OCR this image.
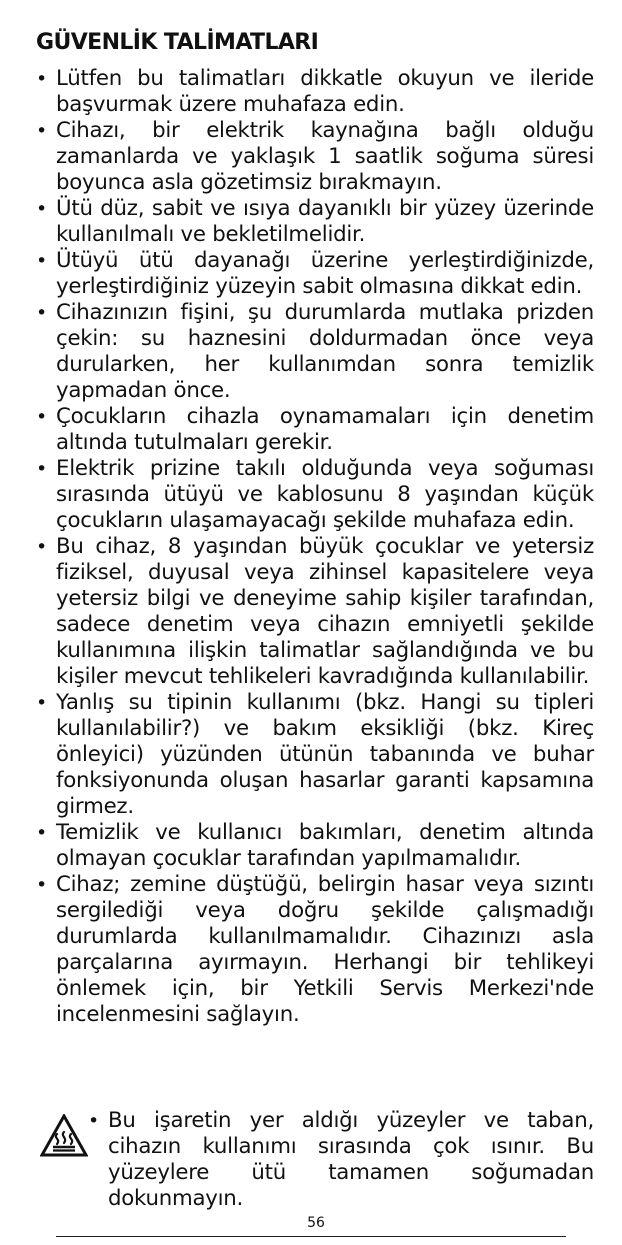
GÜVENLİK TALİMATLARI
• Lütfen bu talimatları dikkatle okuyun ve ileride başvurmak üzere muhafaza edin.
• Cihazı, bir elektrik kaynağına bağlı olduğu zamanlarda ve yaklaşık 1 saatlik soğuma süresi boyunca asla gözetimsiz bırakmayın.
• Ütü düz, sabit ve ısıya dayanıklı bir yüzey üzerinde kullanılmalı ve bekletilmelidir.
• Ütüyü ütü dayanağı üzerine yerleştirdiğinizde, yerleştirdiğiniz yüzeyin sabit olmasına dikkat edin.
• Cihazınızın fişini, şu durumlarda mutlaka prizden çekin: su haznesini doldurmadan önce veya durularken, her kullanımdan sonra temizlik yapmadan önce.
• Çocukların cihazla oynamamaları için denetim altında tutulmaları gerekir.
• Elektrik prizine takılı olduğunda veya soğuması sırasında ütüyü ve kablosunu 8 yaşından küçük çocukların ulaşamayacağı şekilde muhafaza edin.
• Bu cihaz, 8 yaşından büyük çocuklar ve yetersiz fiziksel, duyusal veya zihinsel kapasitelere veya yetersiz bilgi ve deneyime sahip kişiler tarafından, sadece denetim veya cihazın emniyetli şekilde kullanımına ilişkin talimatlar sağlandığında ve bu kişiler mevcut tehlikeleri kavradığında kullanılabilir.
• Yanlış su tipinin kullanımı (bkz. Hangi su tipleri kullanılabilir?) ve bakım eksikliği (bkz. Kireç önleyici) yüzünden ütünün tabanında ve buhar fonksiyonunda oluşan hasarlar garanti kapsamına girmez.
• Temizlik ve kullanıcı bakımları, denetim altında olmayan çocuklar tarafından yapılmamalıdır.
• Cihaz; zemine düştüğü, belirgin hasar veya sızıntı sergilediği veya doğru şekilde çalışmadığı durumlarda kullanılmamalıdır. Cihazınızı asla parçalarına ayırmayın. Herhangi bir tehlikeyi önlemek için, bir Yetkili Servis Merkezi'nde incelenmesini sağlayın.
• Bu işaretin yer aldığı yüzeyler ve taban, cihazın kullanımı sırasında çok ısınır. Bu yüzeylere ütü tamamen soğumadan dokunmayın.
56
